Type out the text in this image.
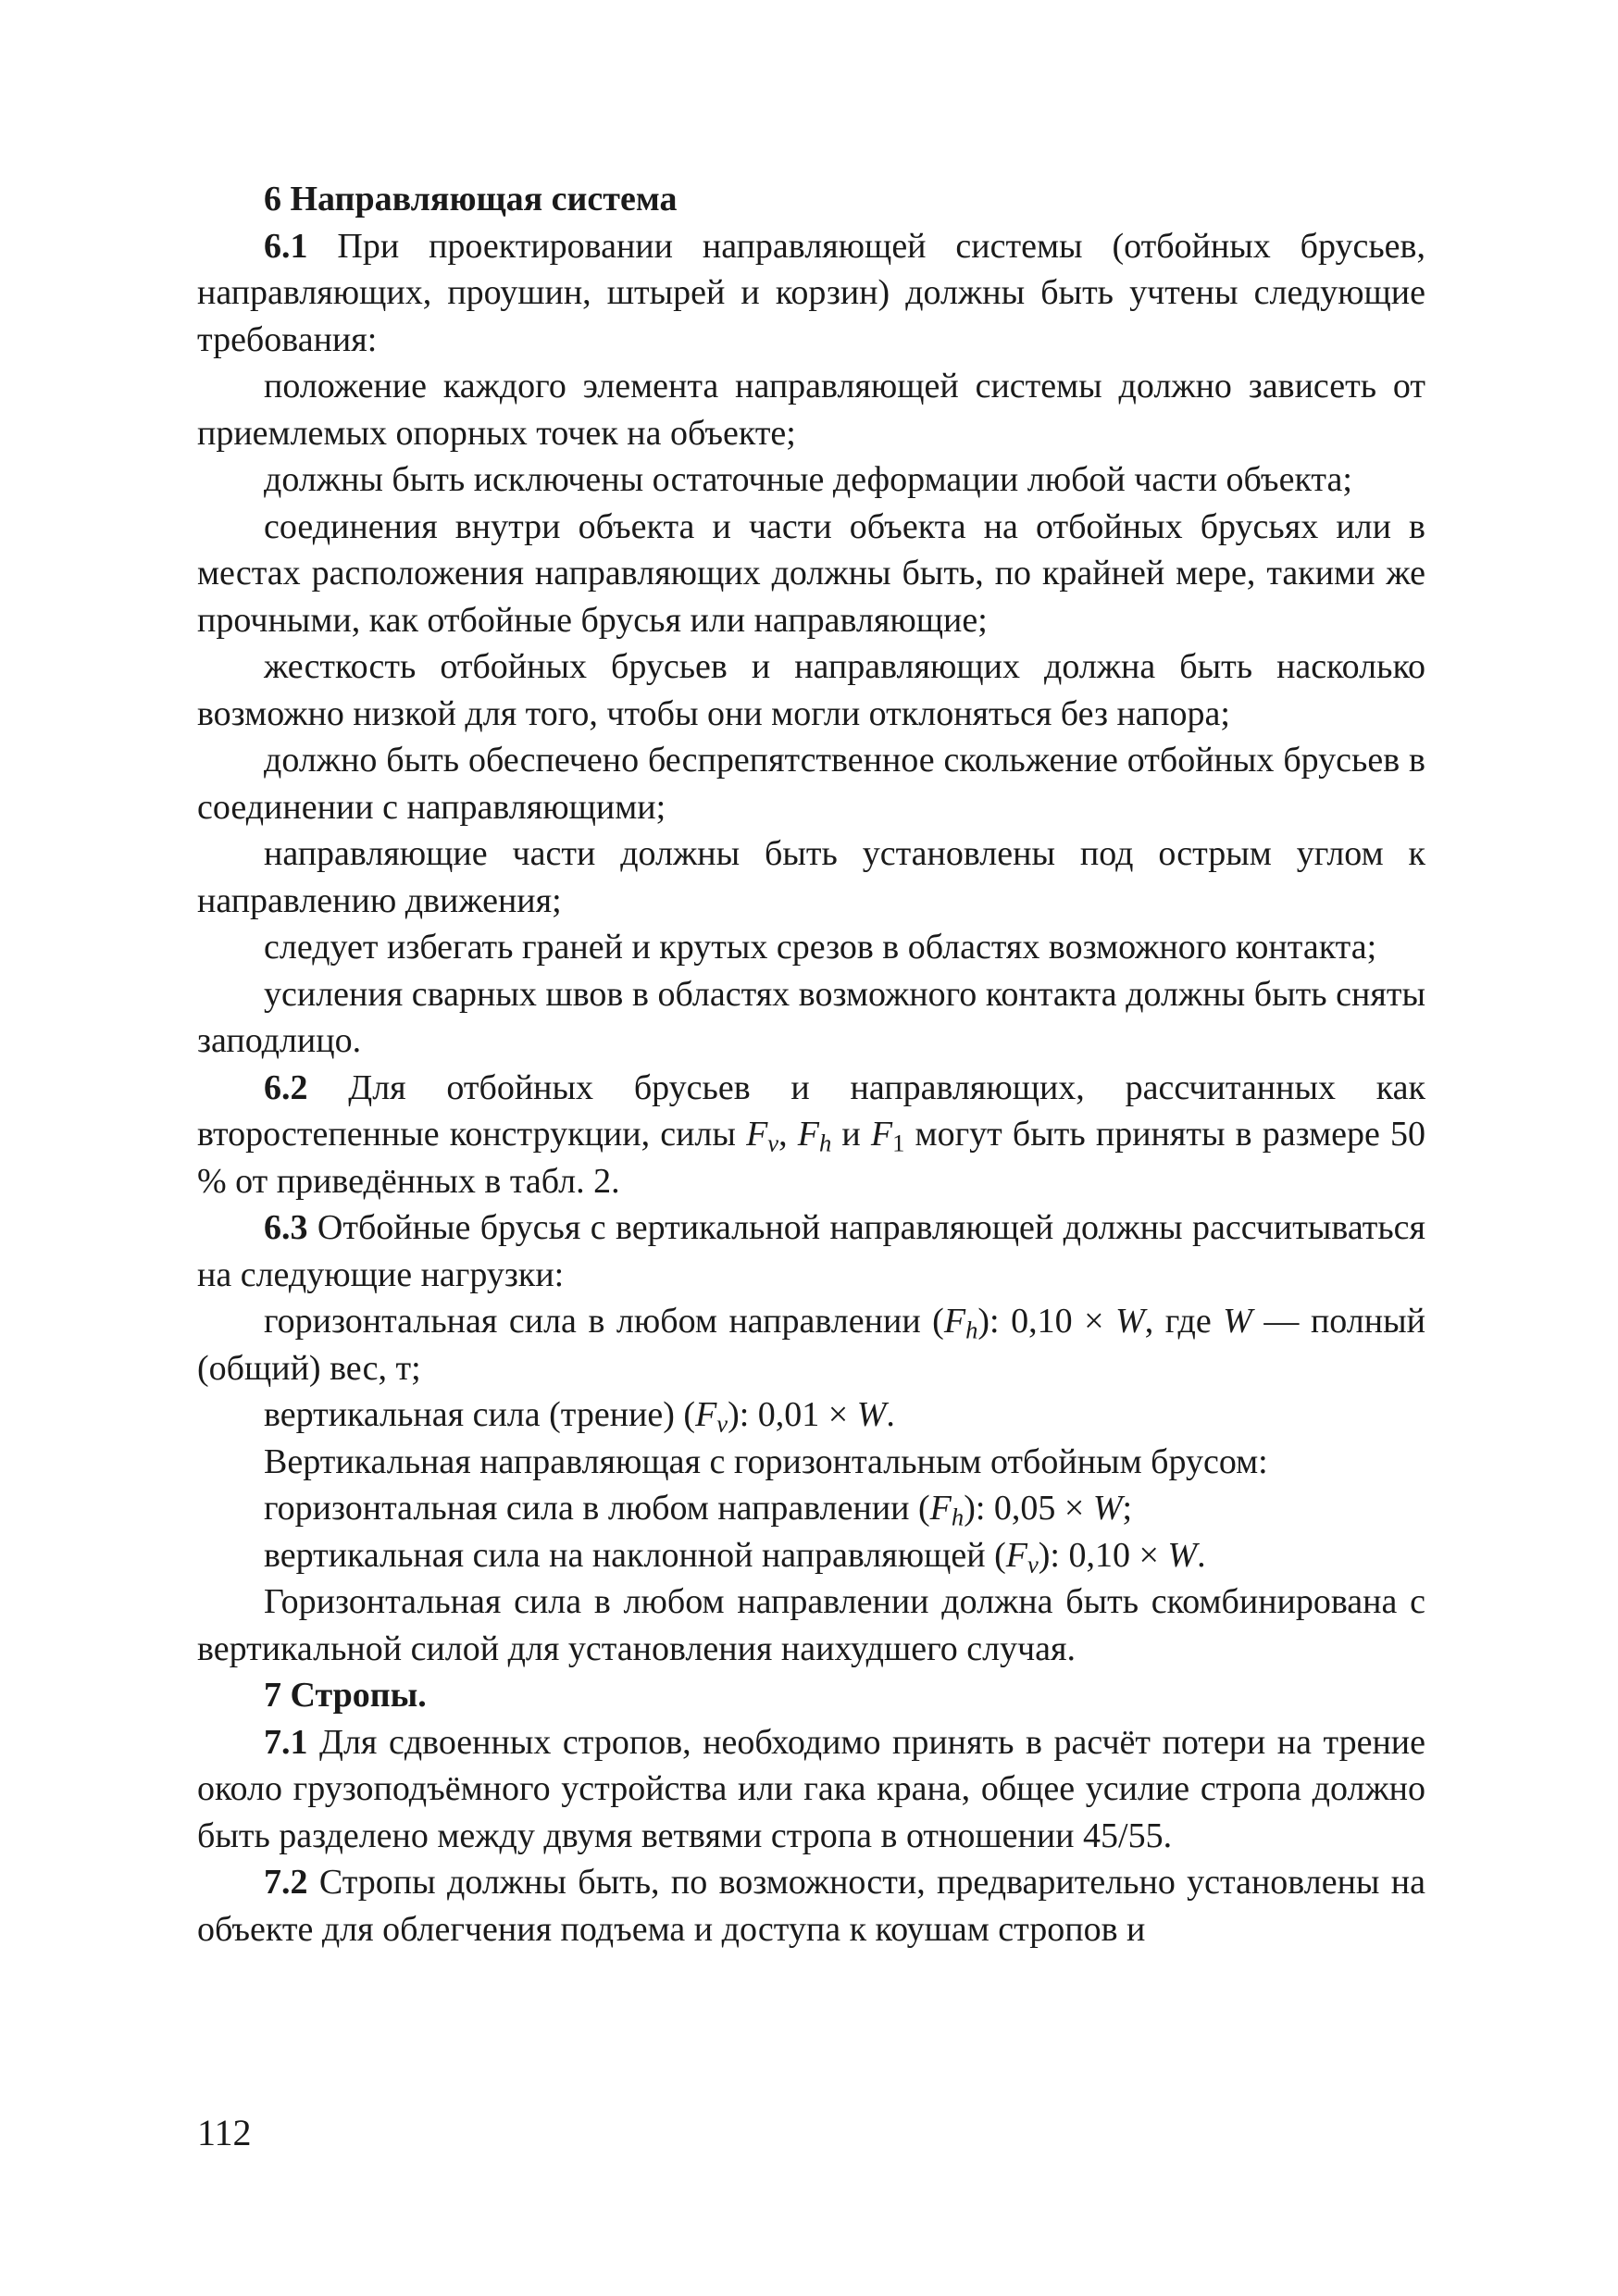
6 Направляющая система

6.1 При проектировании направляющей системы (отбойных брусьев, направляющих, проушин, штырей и корзин) должны быть учтены следующие требования:

положение каждого элемента направляющей системы должно зависеть от приемлемых опорных точек на объекте;

должны быть исключены остаточные деформации любой части объекта;

соединения внутри объекта и части объекта на отбойных брусьях или в местах расположения направляющих должны быть, по крайней мере, такими же прочными, как отбойные брусья или направляющие;

жесткость отбойных брусьев и направляющих должна быть насколько возможно низкой для того, чтобы они могли отклоняться без напора;

должно быть обеспечено беспрепятственное скольжение отбойных брусьев в соединении с направляющими;

направляющие части должны быть установлены под острым углом к направлению движения;

следует избегать граней и крутых срезов в областях возможного контакта;

усиления сварных швов в областях возможного контакта должны быть сняты заподлицо.

6.2 Для отбойных брусьев и направляющих, рассчитанных как второстепенные конструкции, силы $F_v$, $F_h$ и $F_1$ могут быть приняты в размере 50 % от приведённых в табл. 2.

6.3 Отбойные брусья с вертикальной направляющей должны рассчитываться на следующие нагрузки:

горизонтальная сила в любом направлении $(F_h)$: 0,10 × W, где W — полный (общий) вес, т;

вертикальная сила (трение) $(F_v)$: 0,01 × W.

Вертикальная направляющая с горизонтальным отбойным брусом:

горизонтальная сила в любом направлении $(F_h)$: 0,05 × W;

вертикальная сила на наклонной направляющей $(F_v)$: 0,10 × W.

Горизонтальная сила в любом направлении должна быть скомбинирована с вертикальной силой для установления наихудшего случая.

7 Стропы.

7.1 Для сдвоенных стропов, необходимо принять в расчёт потери на трение около грузоподъёмного устройства или гака крана, общее усилие стропа должно быть разделено между двумя ветвями стропа в отношении 45/55.

7.2 Стропы должны быть, по возможности, предварительно установлены на объекте для облегчения подъема и доступа к коушам стропов и

112
